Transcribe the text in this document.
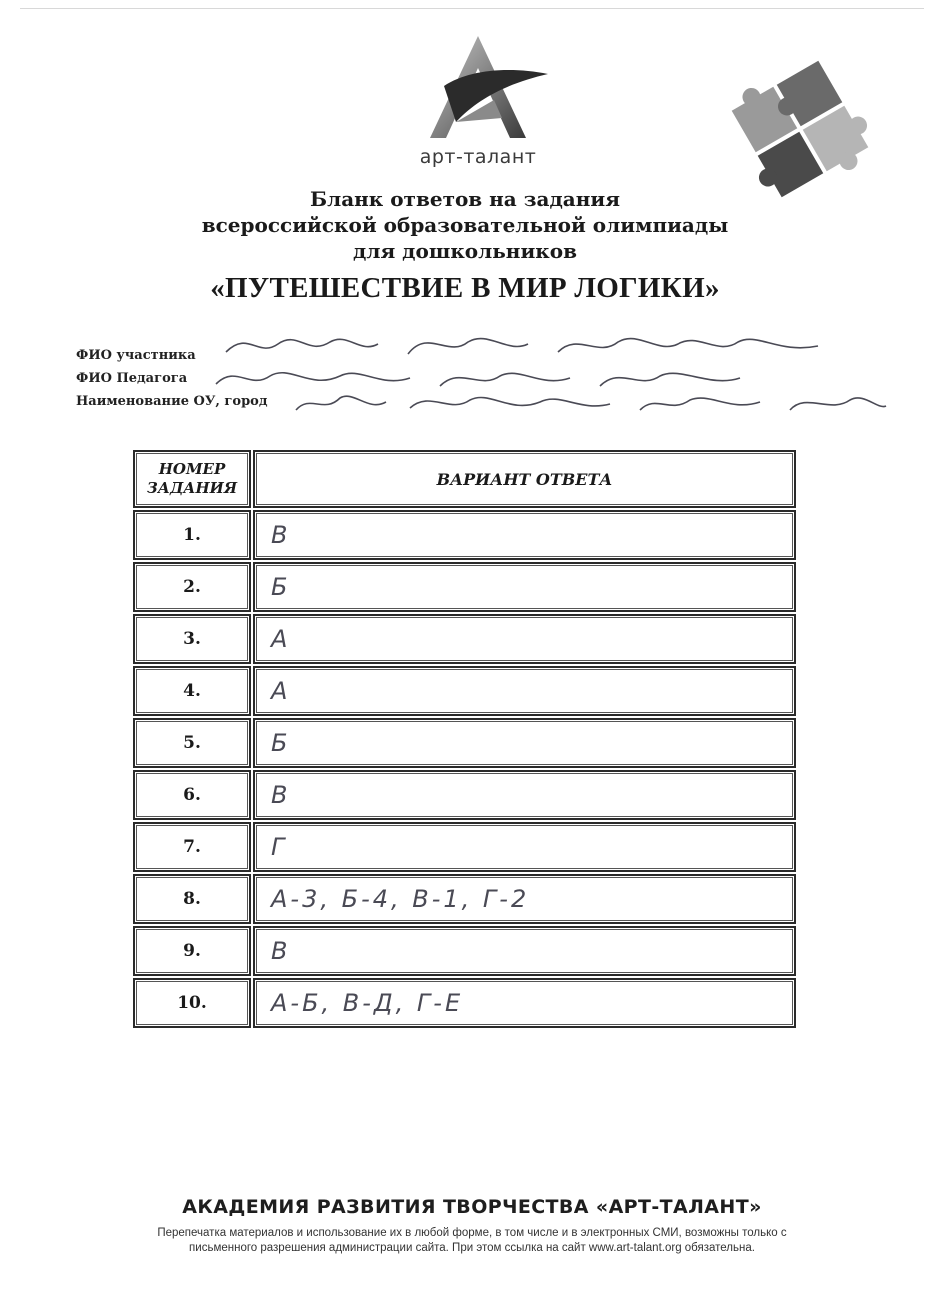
арт-талант
Бланк ответов на задания
всероссийской образовательной олимпиады
для дошкольников
«ПУТЕШЕСТВИЕ В МИР ЛОГИКИ»
ФИО участника
ФИО Педагога
Наименование ОУ, город
НОМЕР
ЗАДАНИЯ	ВАРИАНТ ОТВЕТА
1.	В
2.	Б
3.	А
4.	А
5.	Б
6.	В
7.	Г
8.	А-3, Б-4, В-1, Г-2
9.	В
10.	А-Б, В-Д, Г-Е
АКАДЕМИЯ РАЗВИТИЯ ТВОРЧЕСТВА «АРТ-ТАЛАНТ»
Перепечатка материалов и использование их в любой форме, в том числе и в электронных СМИ, возможны только с
письменного разрешения администрации сайта. При этом ссылка на сайт www.art-talant.org обязательна.
